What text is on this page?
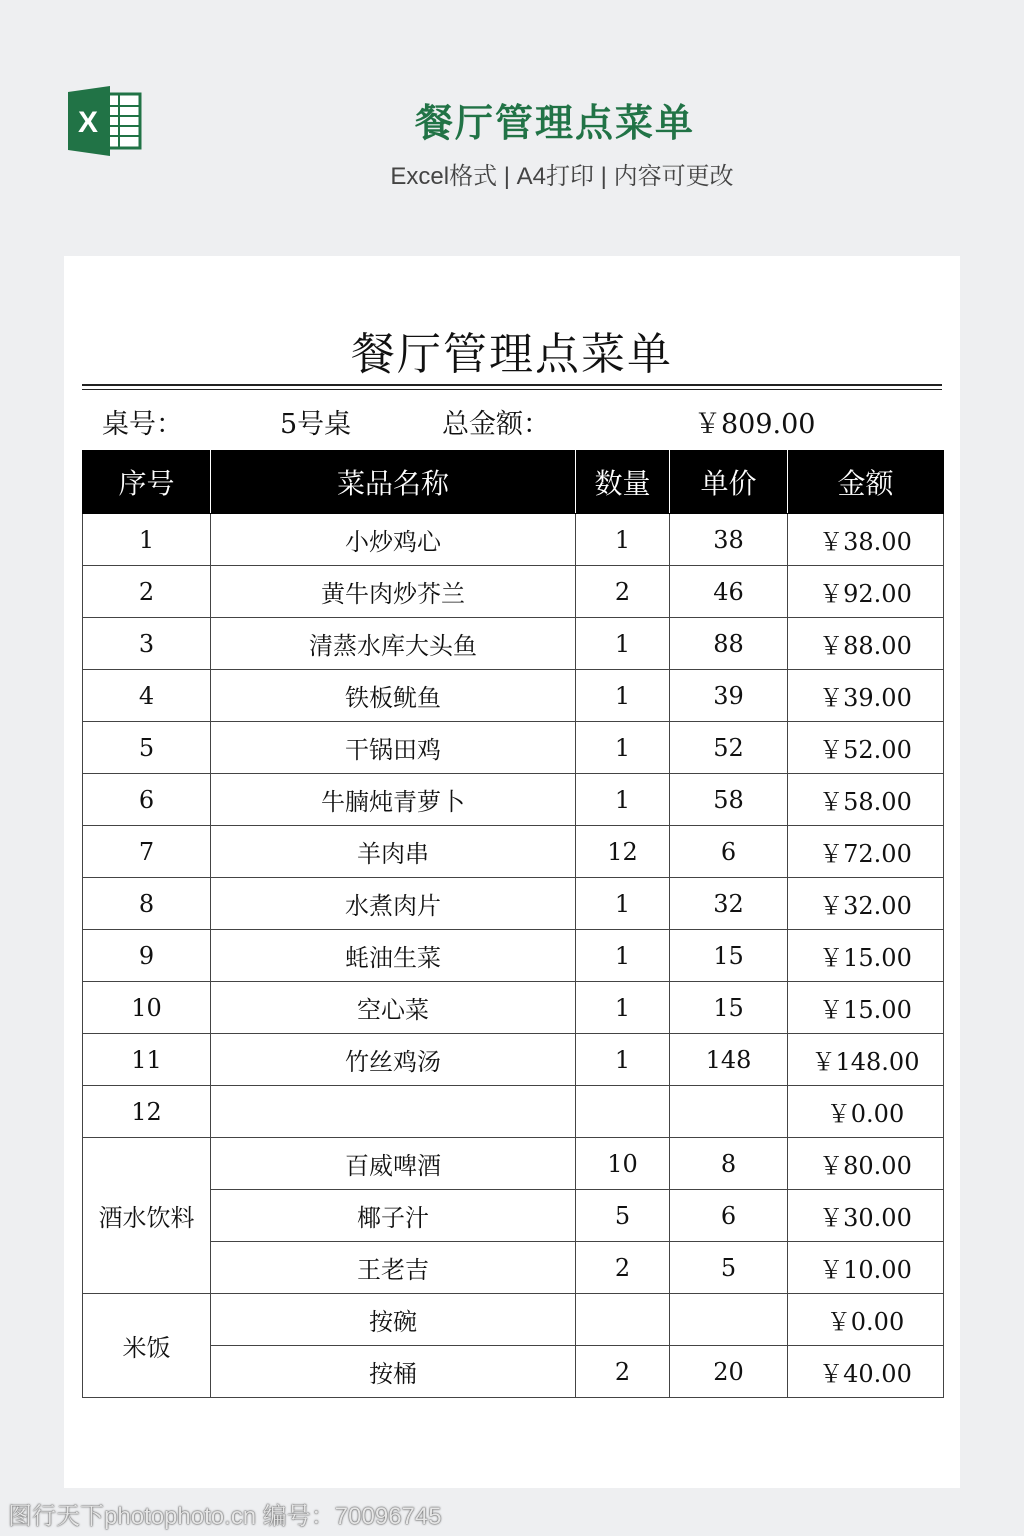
X	餐厅管理点菜单
Excel格式 | A4打印 | 内容可更改
餐厅管理点菜单
桌号：	5号桌	总金额：	￥809.00
序号	菜品名称	数量	单价	金额
1	小炒鸡心	1	38	￥38.00
2	黄牛肉炒芥兰	2	46	￥92.00
3	清蒸水库大头鱼	1	88	￥88.00
4	铁板鱿鱼	1	39	￥39.00
5	干锅田鸡	1	52	￥52.00
6	牛腩炖青萝卜	1	58	￥58.00
7	羊肉串	12	6	￥72.00
8	水煮肉片	1	32	￥32.00
9	蚝油生菜	1	15	￥15.00
10	空心菜	1	15	￥15.00
11	竹丝鸡汤	1	148	￥148.00
12				￥0.00
酒水饮料	百威啤酒	10	8	￥80.00
	椰子汁	5	6	￥30.00
	王老吉	2	5	￥10.00
米饭	按碗			￥0.00
	按桶	2	20	￥40.00
图行天下photophoto.cn 编号：70096745
